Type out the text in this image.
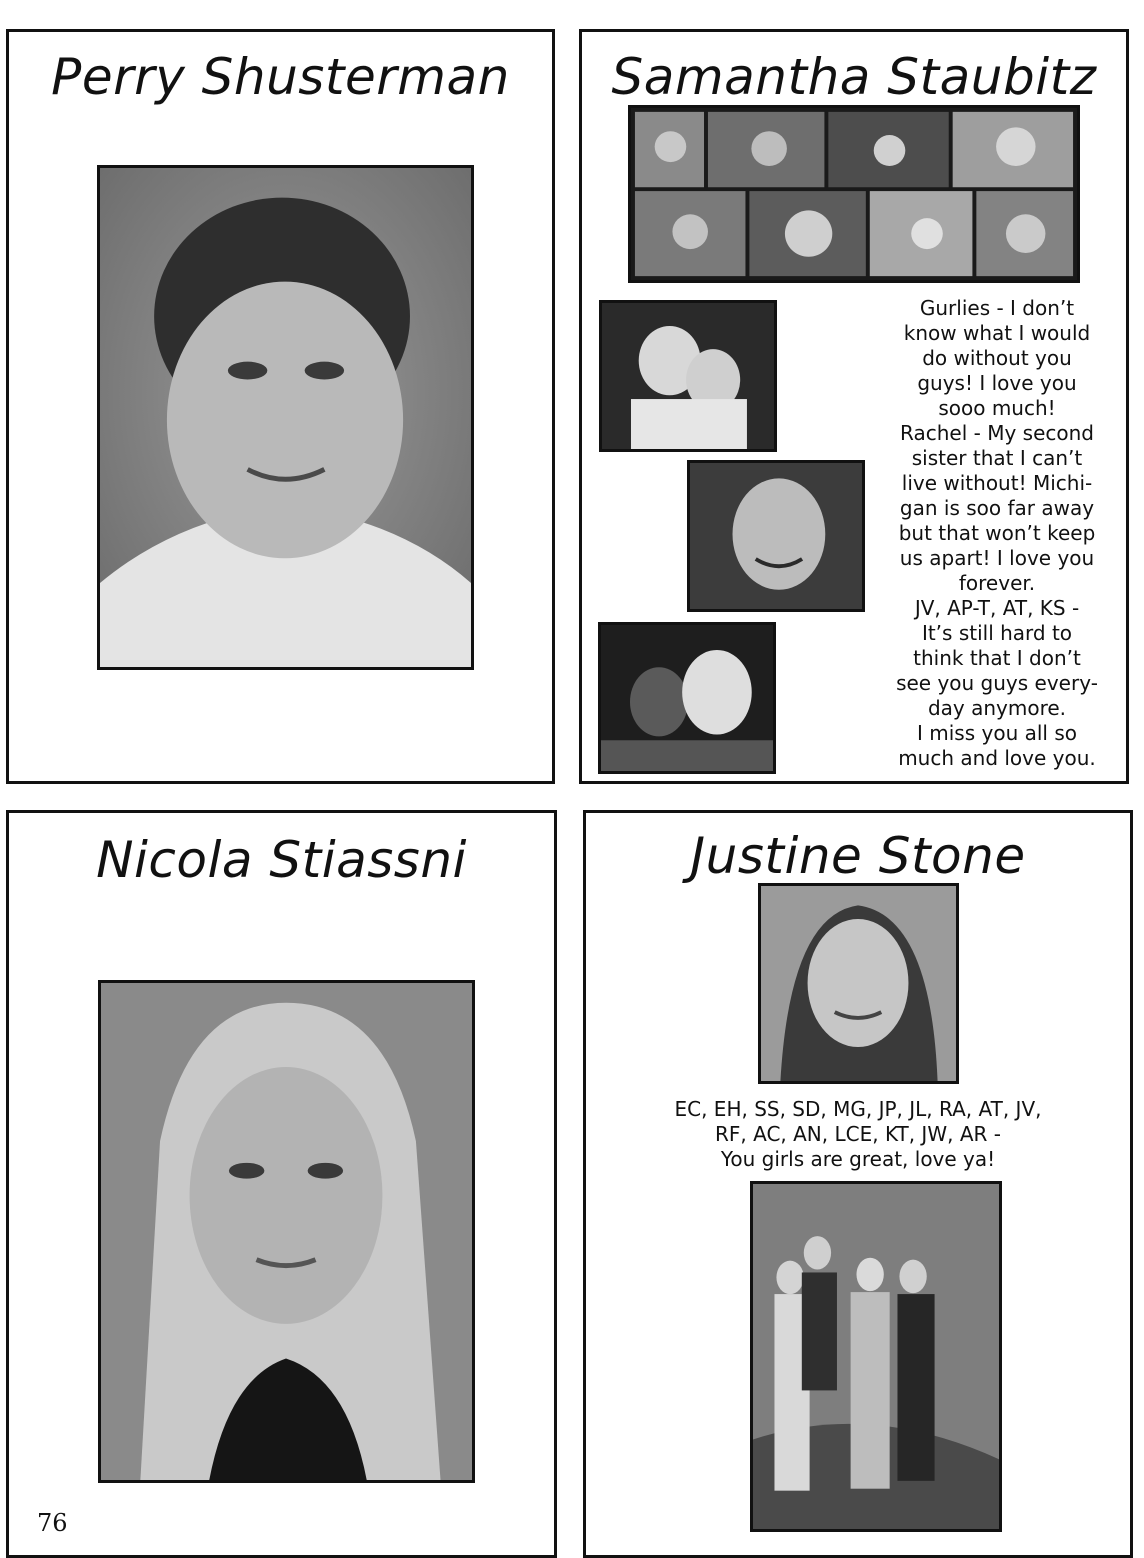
Perry Shusterman	Samantha Staubitz
Gurlies - I don’t
know what I would
do without you
guys! I love you
sooo much!
Rachel - My second
sister that I can’t
live without! Michi-
gan is soo far away
but that won’t keep
us apart! I love you
forever.
JV, AP-T, AT, KS -
It’s still hard to
think that I don’t
see you guys every-
day anymore.
I miss you all so
much and love you.
Nicola Stiassni
76
Justine Stone
EC, EH, SS, SD, MG, JP, JL, RA, AT, JV,
RF, AC, AN, LCE, KT, JW, AR -
You girls are great, love ya!
